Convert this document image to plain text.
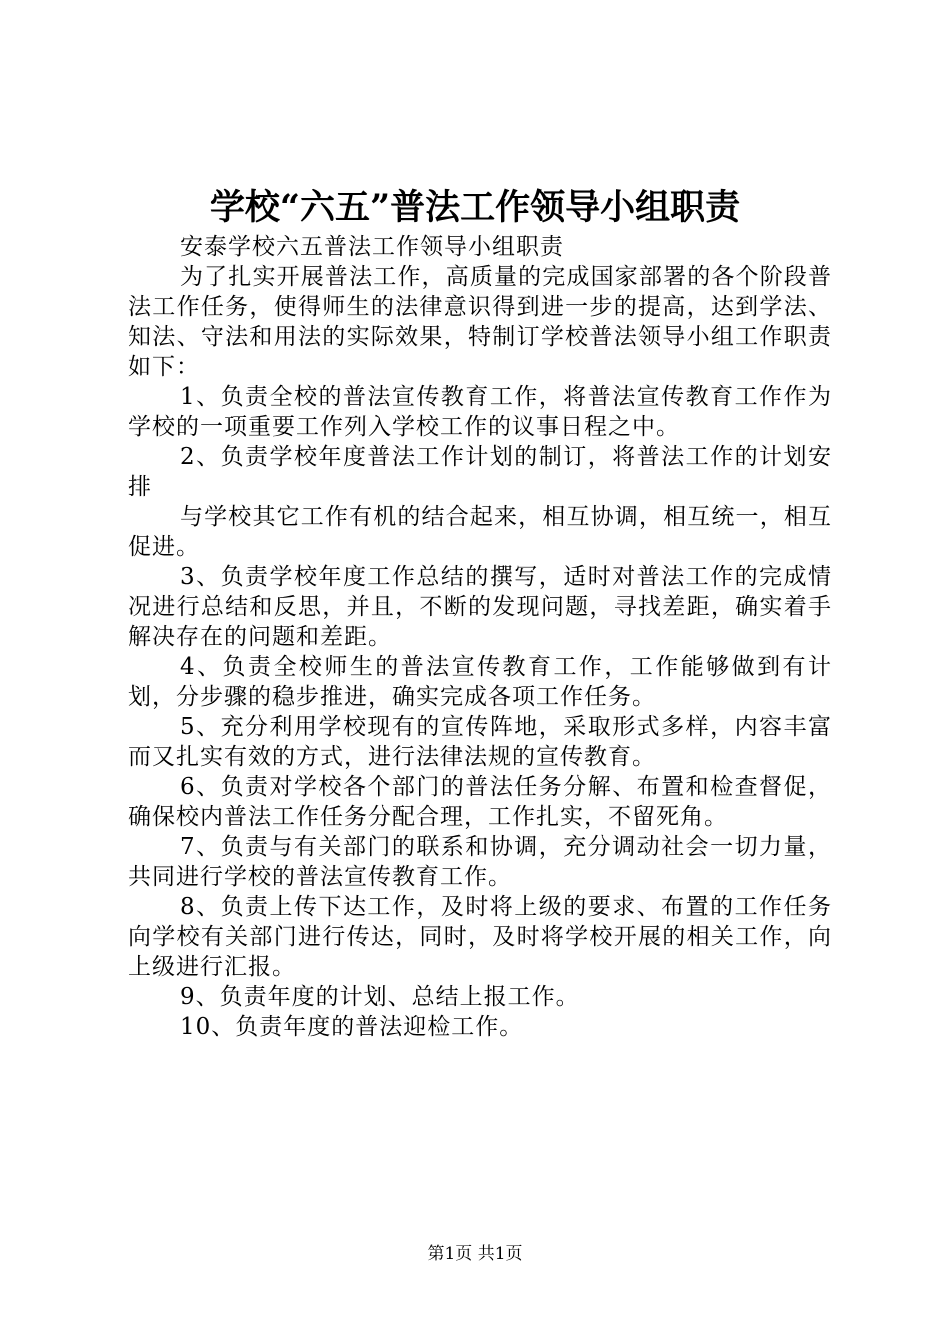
学校“六五”普法工作领导小组职责

安泰学校六五普法工作领导小组职责

为了扎实开展普法工作，高质量的完成国家部署的各个阶段普法工作任务，使得师生的法律意识得到进一步的提高，达到学法、知法、守法和用法的实际效果，特制订学校普法领导小组工作职责如下：

1、负责全校的普法宣传教育工作，将普法宣传教育工作作为学校的一项重要工作列入学校工作的议事日程之中。

2、负责学校年度普法工作计划的制订，将普法工作的计划安排

与学校其它工作有机的结合起来，相互协调，相互统一，相互促进。

3、负责学校年度工作总结的撰写，适时对普法工作的完成情况进行总结和反思，并且，不断的发现问题，寻找差距，确实着手解决存在的问题和差距。

4、负责全校师生的普法宣传教育工作，工作能够做到有计划，分步骤的稳步推进，确实完成各项工作任务。

5、充分利用学校现有的宣传阵地，采取形式多样，内容丰富而又扎实有效的方式，进行法律法规的宣传教育。

6、负责对学校各个部门的普法任务分解、布置和检查督促，确保校内普法工作任务分配合理，工作扎实，不留死角。

7、负责与有关部门的联系和协调，充分调动社会一切力量，共同进行学校的普法宣传教育工作。

8、负责上传下达工作，及时将上级的要求、布置的工作任务向学校有关部门进行传达，同时，及时将学校开展的相关工作，向上级进行汇报。

9、负责年度的计划、总结上报工作。

10、负责年度的普法迎检工作。

第1页 共1页
